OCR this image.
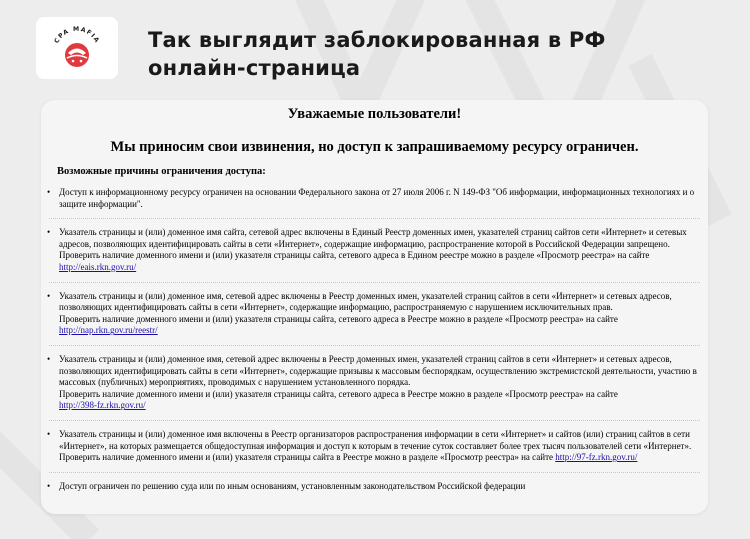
CPA MAFIA Так выглядит заблокированная в РФ
онлайн-страница
Уважаемые пользователи!
Мы приносим свои извинения, но доступ к запрашиваемому ресурсу ограничен.
Возможные причины ограничения доступа:
• Доступ к информационному ресурсу ограничен на основании Федерального закона от 27 июля 2006 г. N 149-ФЗ "Об информации, информационных технологиях и о защите информации".

• Указатель страницы и (или) доменное имя сайта, сетевой адрес включены в Единый Реестр доменных имен, указателей страниц сайтов сети «Интернет» и сетевых адресов, позволяющих идентифицировать сайты в сети «Интернет», содержащие информацию, распространение которой в Российской Федерации запрещено.

Проверить наличие доменного имени и (или) указателя страницы сайта, сетевого адреса в Едином реестре можно в разделе «Просмотр реестра» на сайте http://eais.rkn.gov.ru/

• Указатель страницы и (или) доменное имя, сетевой адрес включены в Реестр доменных имен, указателей страниц сайтов в сети «Интернет» и сетевых адресов, позволяющих идентифицировать сайты в сети «Интернет», содержащие информацию, распространяемую с нарушением исключительных прав.

Проверить наличие доменного имени и (или) указателя страницы сайта, сетевого адреса в Реестре можно в разделе «Просмотр реестра» на сайте
http://nap.rkn.gov.ru/reestr/

• Указатель страницы и (или) доменное имя, сетевой адрес включены в Реестр доменных имен, указателей страниц сайтов в сети «Интернет» и сетевых адресов, позволяющих идентифицировать сайты в сети «Интернет», содержащие призывы к массовым беспорядкам, осуществлению экстремистской деятельности, участию в массовых (публичных) мероприятиях, проводимых с нарушением установленного порядка.

Проверить наличие доменного имени и (или) указателя страницы сайта, сетевого адреса в Реестре можно в разделе «Просмотр реестра» на сайте
http://398-fz.rkn.gov.ru/

• Указатель страницы и (или) доменное имя включены в Реестр организаторов распространения информации в сети «Интернет» и сайтов (или) страниц сайтов в сети «Интернет», на которых размещается общедоступная информация и доступ к которым в течение суток составляет более трех тысяч пользователей сети «Интернет».

Проверить наличие доменного имени и (или) указателя страницы сайта в Реестре можно в разделе «Просмотр реестра» на сайте http://97-fz.rkn.gov.ru/

• Доступ ограничен по решению суда или по иным основаниям, установленным законодательством Российской федерации
